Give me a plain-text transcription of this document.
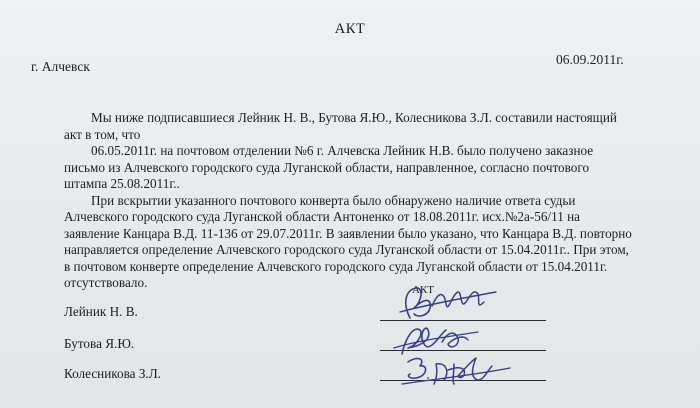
АКТ
г. Алчевск	06.09.2011г.

Мы ниже подписавшиеся Лейник Н. В., Бутова Я.Ю., Колесникова З.Л. составили настоящий

акт в том, что

06.05.2011г. на почтовом отделении №6 г. Алчевска Лейник Н.В. было получено заказное

письмо из Алчевского городского суда Луганской области, направленное, согласно почтового

штампа 25.08.2011г..

При вскрытии указанного почтового конверта было обнаружено наличие ответа судьи

Алчевского городского суда Луганской области Антоненко от 18.08.2011г. исх.№2а-56/11 на

заявление Канцара В.Д. 11-136 от 29.07.2011г. В заявлении было указано, что Канцара В.Д. повторно

направляется определение Алчевского городского суда Луганской области от 15.04.2011г.. При этом,

в почтовом конверте определение Алчевского городского суда Луганской области от 15.04.2011г.

отсутствовало.	АКТ
Лейник Н. В.
Бутова Я.Ю.
Колесникова З.Л.
